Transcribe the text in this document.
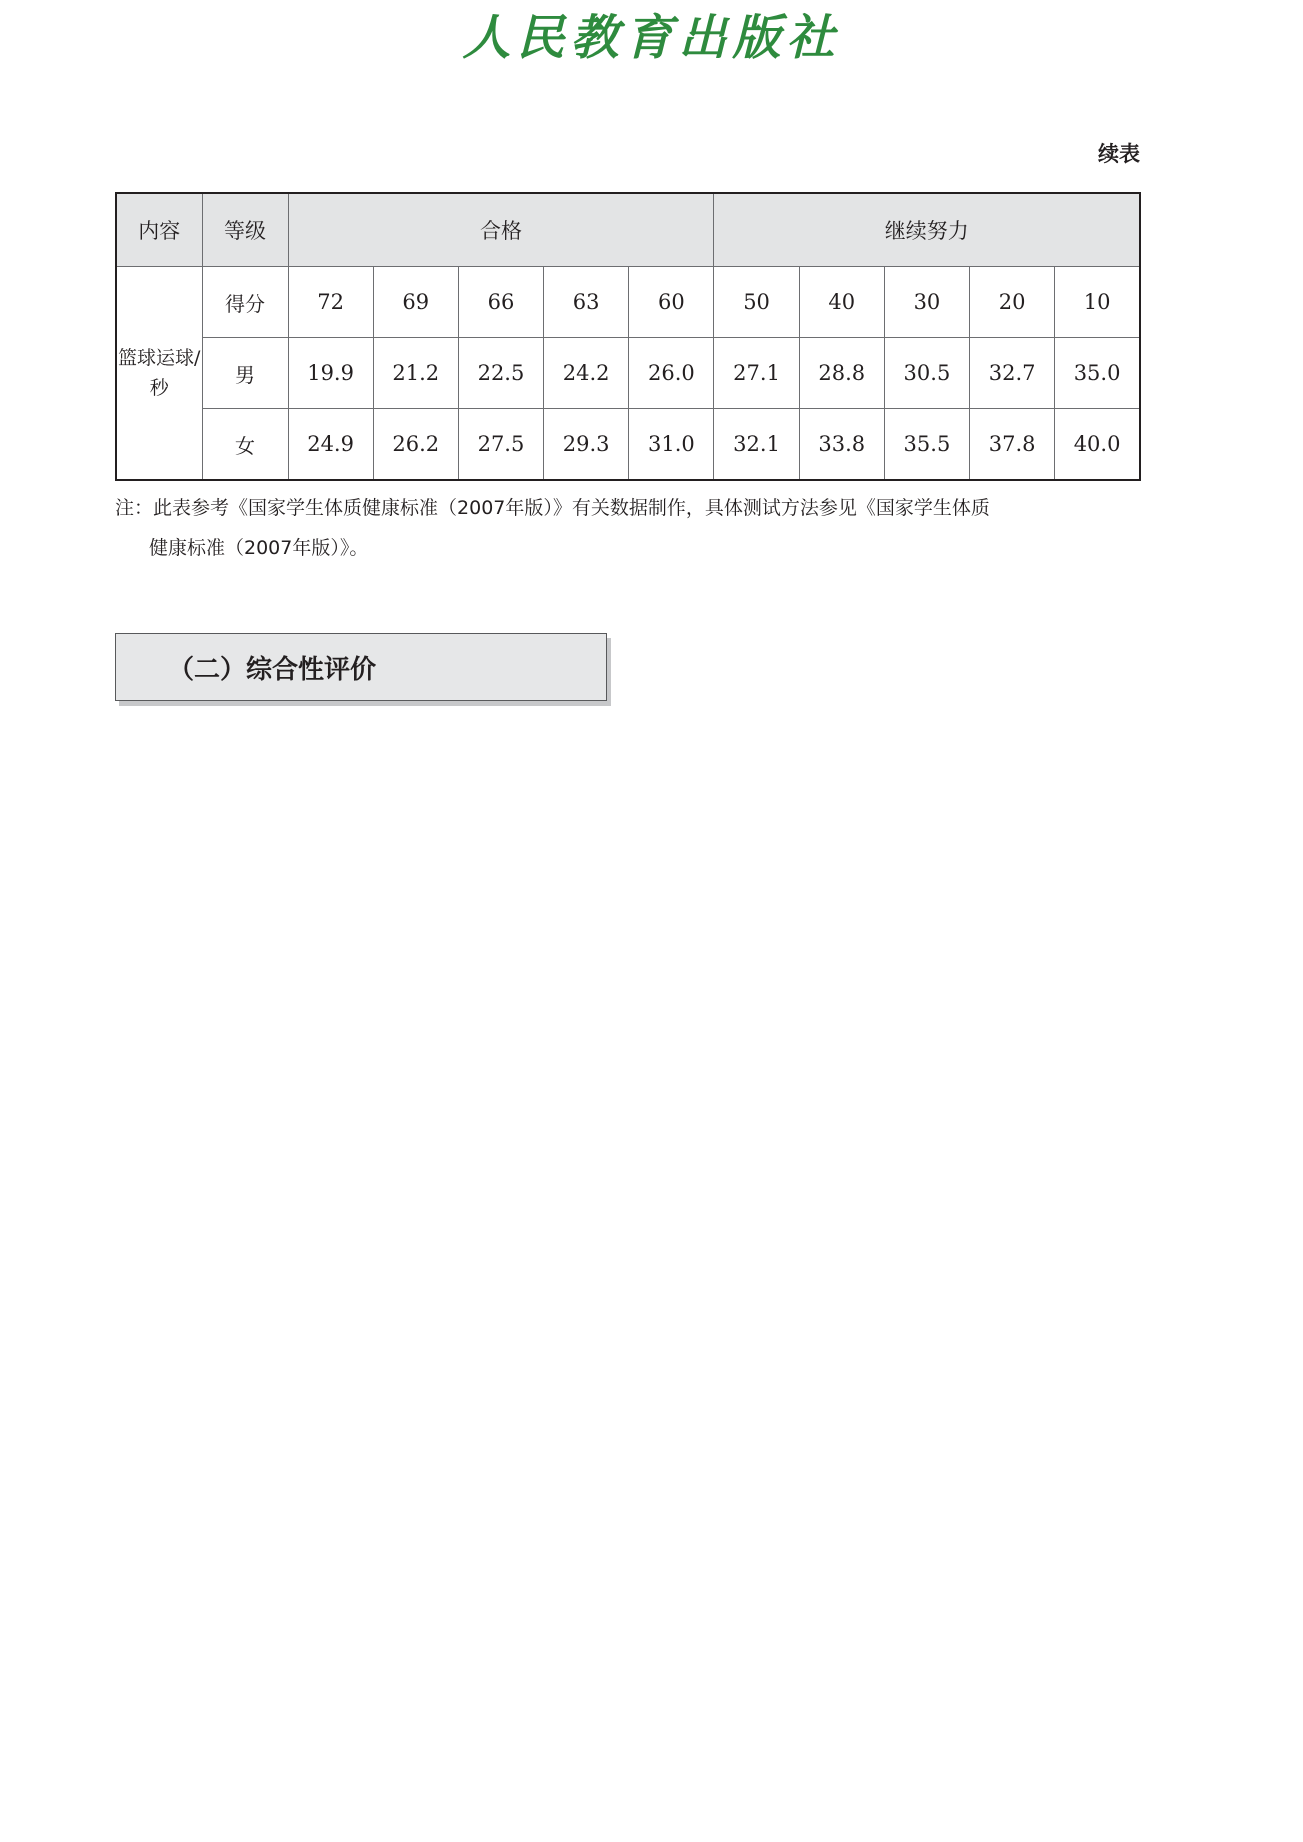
人民教育出版社
续表
内容	等级	合格					继续努力				
篮球运球/秒	得分	72	69	66	63	60	50	40	30	20	10
	男	19.9	21.2	22.5	24.2	26.0	27.1	28.8	30.5	32.7	35.0
	女	24.9	26.2	27.5	29.3	31.0	32.1	33.8	35.5	37.8	40.0
注：此表参考《国家学生体质健康标准（2007年版）》有关数据制作，具体测试方法参见《国家学生体质
健康标准（2007年版）》。
（二）综合性评价
